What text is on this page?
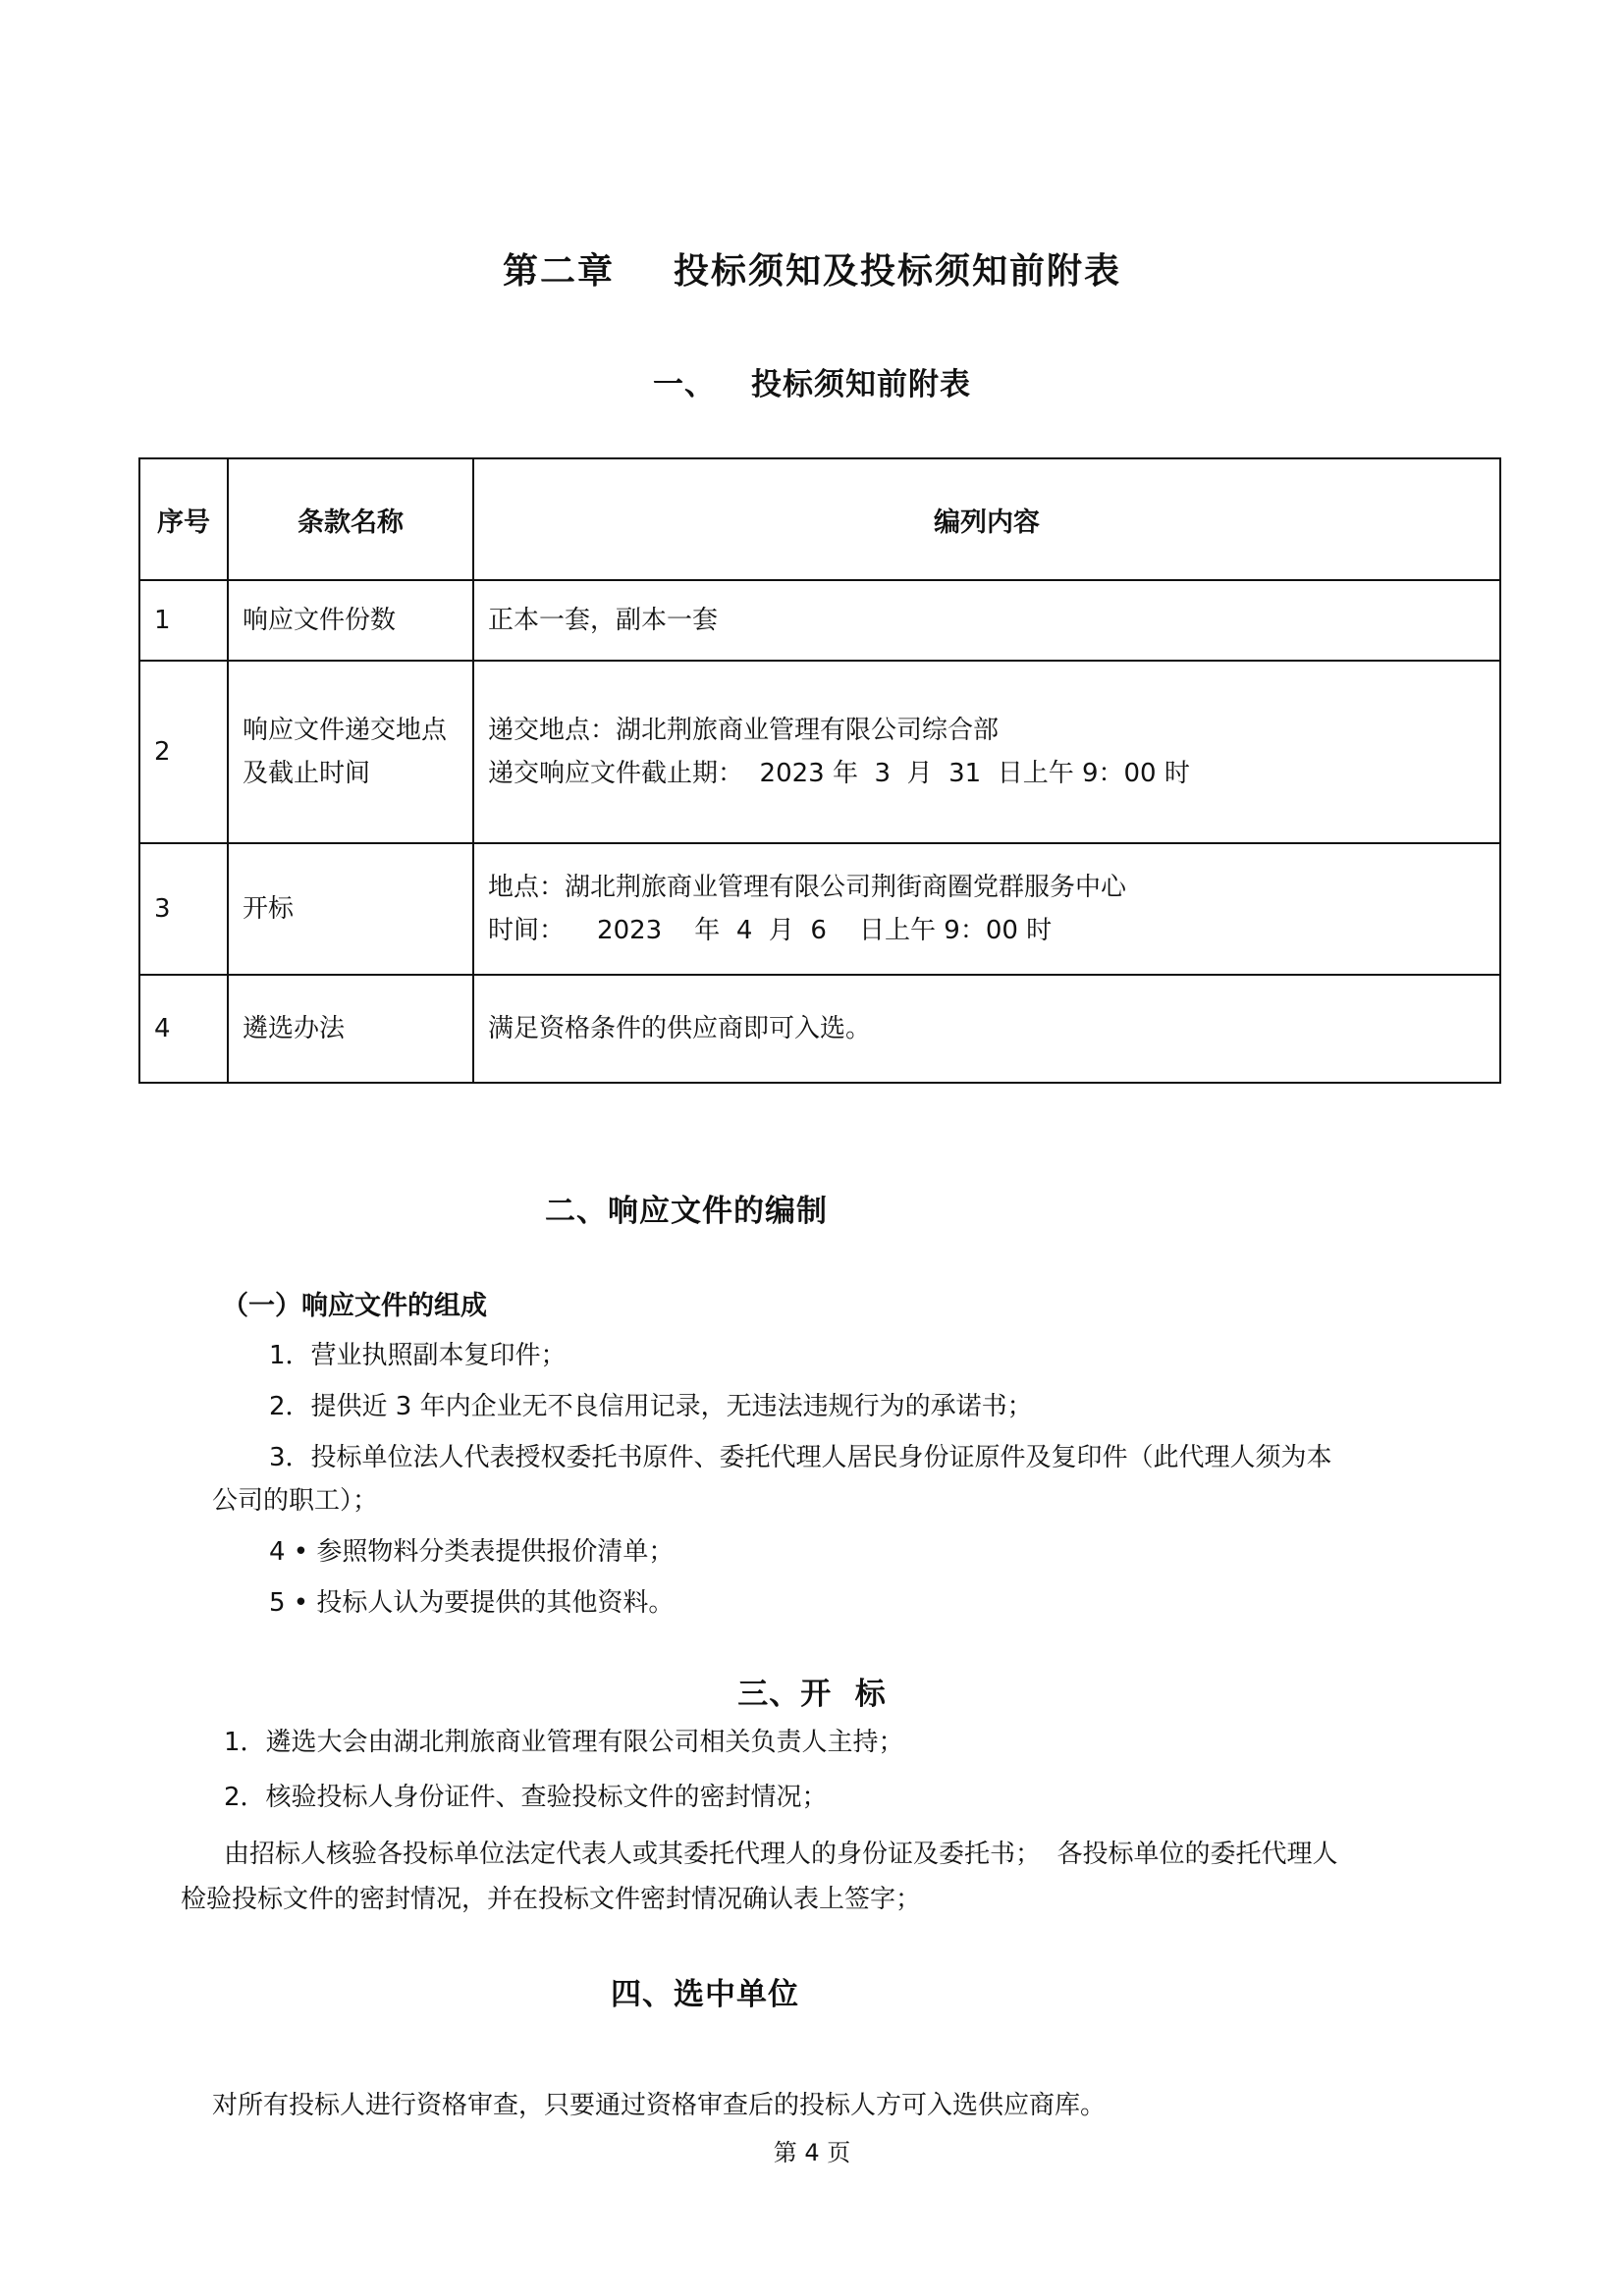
第二章 投标须知及投标须知前附表
一、 投标须知前附表
序号	条款名称	编列内容
1	响应文件份数	正本一套，副本一套

2	响应文件递交地点及截止时间	递交地点：湖北荆旅商业管理有限公司综合部
递交响应文件截止期：  2023 年  3  月  31  日上午 9：00 时

3	开标	地点：湖北荆旅商业管理有限公司荆街商圈党群服务中心
时间：    2023    年  4  月  6    日上午 9：00 时

4	遴选办法	满足资格条件的供应商即可入选。
二、响应文件的编制
（一）响应文件的组成
1．营业执照副本复印件；
2．提供近 3 年内企业无不良信用记录，无违法违规行为的承诺书；
3．投标单位法人代表授权委托书原件、委托代理人居民身份证原件及复印件（此代理人须为本
公司的职工）；
4 • 参照物料分类表提供报价清单；
5 • 投标人认为要提供的其他资料。
三、开  标
1．遴选大会由湖北荆旅商业管理有限公司相关负责人主持；
2．核验投标人身份证件、查验投标文件的密封情况；
由招标人核验各投标单位法定代表人或其委托代理人的身份证及委托书；  各投标单位的委托代理人
检验投标文件的密封情况，并在投标文件密封情况确认表上签字；
四、选中单位
对所有投标人进行资格审查，只要通过资格审查后的投标人方可入选供应商库。
第 4 页
